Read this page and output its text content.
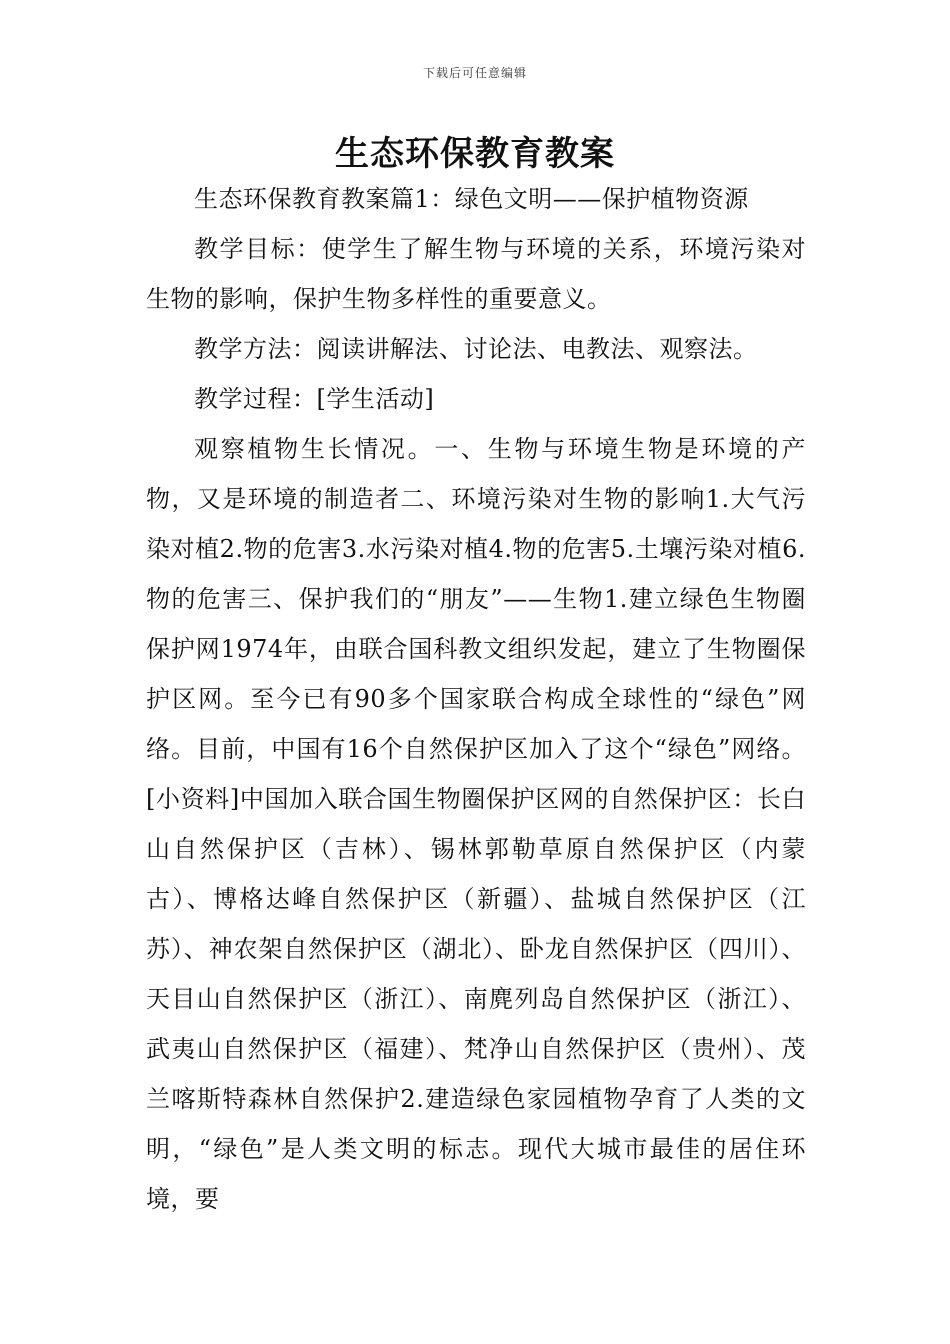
下载后可任意编辑
生态环保教育教案

生态环保教育教案篇1：绿色文明——保护植物资源

教学目标：使学生了解生物与环境的关系，环境污染对生物的影响，保护生物多样性的重要意义。

教学方法：阅读讲解法、讨论法、电教法、观察法。

教学过程：[学生活动]

观察植物生长情况。一、生物与环境生物是环境的产物，又是环境的制造者二、环境污染对生物的影响1.大气污染对植2.物的危害3.水污染对植4.物的危害5.土壤污染对植6.物的危害三、保护我们的“朋友”——生物1.建立绿色生物圈保护网1974年，由联合国科教文组织发起，建立了生物圈保护区网。至今已有90多个国家联合构成全球性的“绿色”网络。目前，中国有16个自然保护区加入了这个“绿色”网络。[小资料]中国加入联合国生物圈保护区网的自然保护区：长白山自然保护区（吉林）、锡林郭勒草原自然保护区（内蒙古）、博格达峰自然保护区（新疆）、盐城自然保护区（江苏）、神农架自然保护区（湖北）、卧龙自然保护区（四川）、天目山自然保护区（浙江）、南麂列岛自然保护区（浙江）、武夷山自然保护区（福建）、梵净山自然保护区（贵州）、茂兰喀斯特森林自然保护2.建造绿色家园植物孕育了人类的文明，“绿色”是人类文明的标志。现代大城市最佳的居住环境，要
